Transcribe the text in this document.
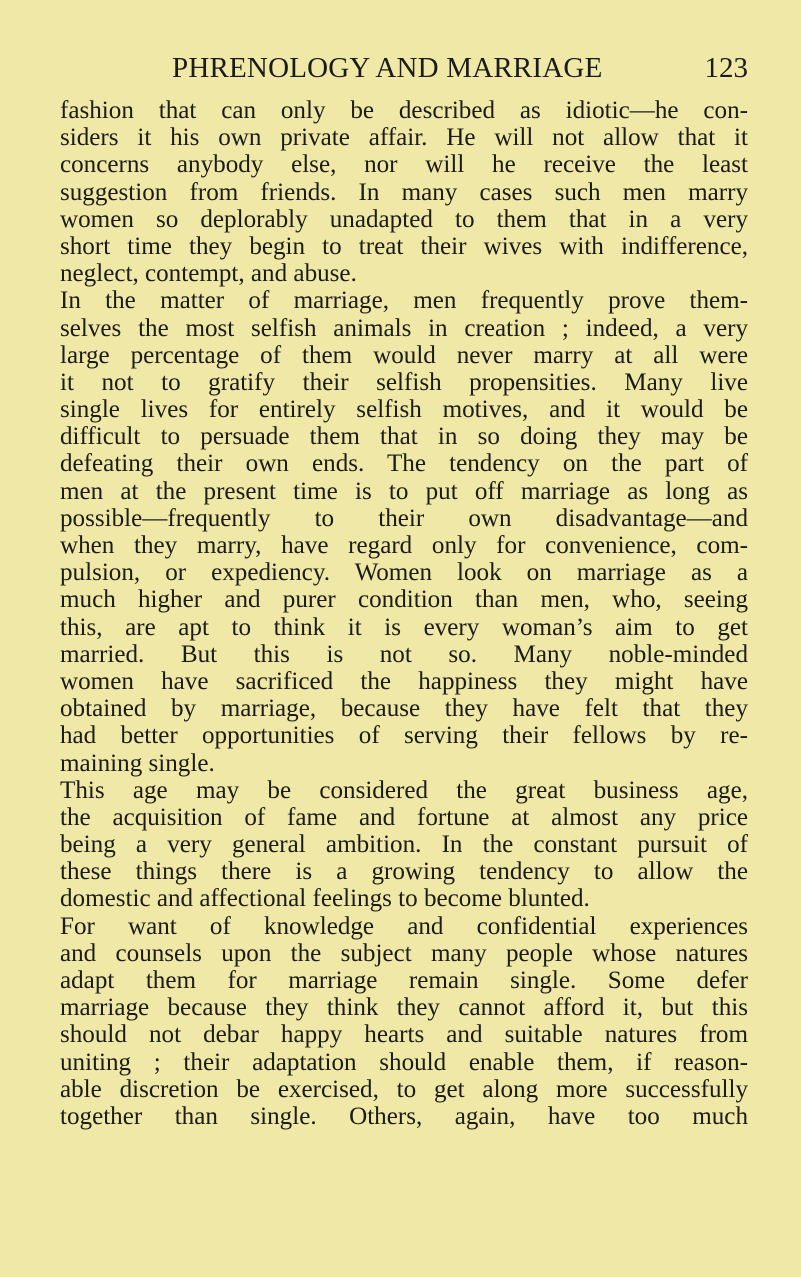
PHRENOLOGY AND MARRIAGE	123
fashion that can only be described as idiotic—he con-
siders it his own private affair. He will not allow that it
concerns anybody else, nor will he receive the least
suggestion from friends. In many cases such men marry
women so deplorably unadapted to them that in a very
short time they begin to treat their wives with indifference,
neglect, contempt, and abuse.
In the matter of marriage, men frequently prove them-
selves the most selfish animals in creation ; indeed, a very
large percentage of them would never marry at all were
it not to gratify their selfish propensities. Many live
single lives for entirely selfish motives, and it would be
difficult to persuade them that in so doing they may be
defeating their own ends. The tendency on the part of
men at the present time is to put off marriage as long as
possible—frequently to their own disadvantage—and
when they marry, have regard only for convenience, com-
pulsion, or expediency. Women look on marriage as a
much higher and purer condition than men, who, seeing
this, are apt to think it is every woman’s aim to get
married. But this is not so. Many noble-minded
women have sacrificed the happiness they might have
obtained by marriage, because they have felt that they
had better opportunities of serving their fellows by re-
maining single.
This age may be considered the great business age,
the acquisition of fame and fortune at almost any price
being a very general ambition. In the constant pursuit of
these things there is a growing tendency to allow the
domestic and affectional feelings to become blunted.
For want of knowledge and confidential experiences
and counsels upon the subject many people whose natures
adapt them for marriage remain single. Some defer
marriage because they think they cannot afford it, but this
should not debar happy hearts and suitable natures from
uniting ; their adaptation should enable them, if reason-
able discretion be exercised, to get along more successfully
together than single. Others, again, have too much
